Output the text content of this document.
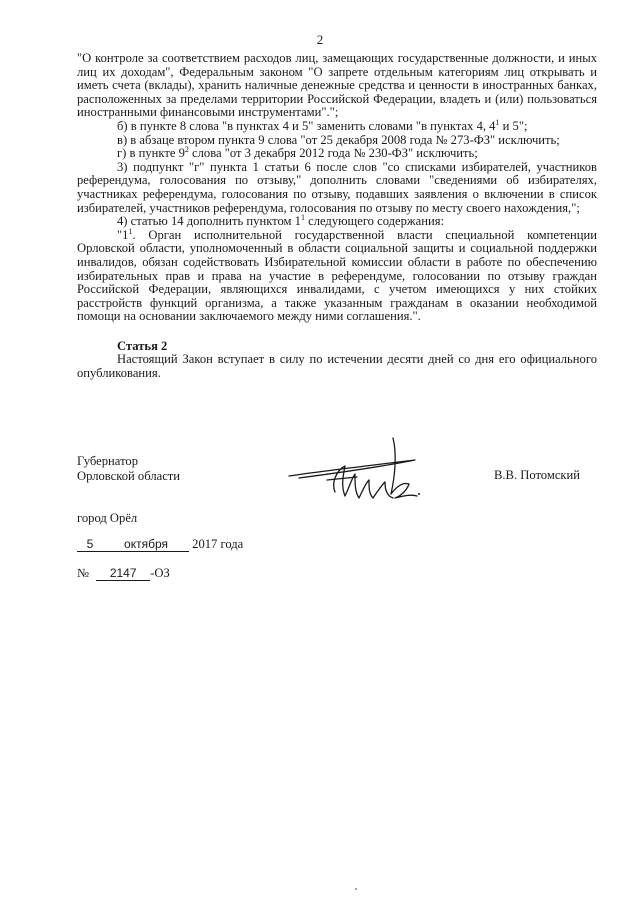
2

"О контроле за соответствием расходов лиц, замещающих государственные должности, и иных лиц их доходам", Федеральным законом "О запрете отдельным категориям лиц открывать и иметь счета (вклады), хранить наличные денежные средства и ценности в иностранных банках, расположенных за пределами территории Российской Федерации, владеть и (или) пользоваться иностранными финансовыми инструментами".";

б) в пункте 8 слова "в пунктах 4 и 5" заменить словами "в пунктах 4, $4^1$ и 5";

в) в абзаце втором пункта 9 слова "от 25 декабря 2008 года № 273-ФЗ" исключить;

г) в пункте $9^2$ слова "от 3 декабря 2012 года № 230-ФЗ" исключить;

3) подпункт "г" пункта 1 статьи 6 после слов "со списками избирателей, участников референдума, голосования по отзыву," дополнить словами "сведениями об избирателях, участниках референдума, голосования по отзыву, подавших заявления о включении в список избирателей, участников референдума, голосования по отзыву по месту своего нахождения,";

4) статью 14 дополнить пунктом $1^1$ следующего содержания:

"$1^1$. Орган исполнительной государственной власти специальной компетенции Орловской области, уполномоченный в области социальной защиты и социальной поддержки инвалидов, обязан содействовать Избирательной комиссии области в работе по обеспечению избирательных прав и права на участие в референдуме, голосовании по отзыву граждан Российской Федерации, являющихся инвалидами, с учетом имеющихся у них стойких расстройств функций организма, а также указанным гражданам в оказании необходимой помощи на основании заключаемого между ними соглашения.".

Статья 2

Настоящий Закон вступает в силу по истечении десяти дней со дня его официального опубликования.

Губернатор
Орловской области	В.В. Потомский
город Орёл
5	октября 2017 года
№ 2147 -ОЗ
